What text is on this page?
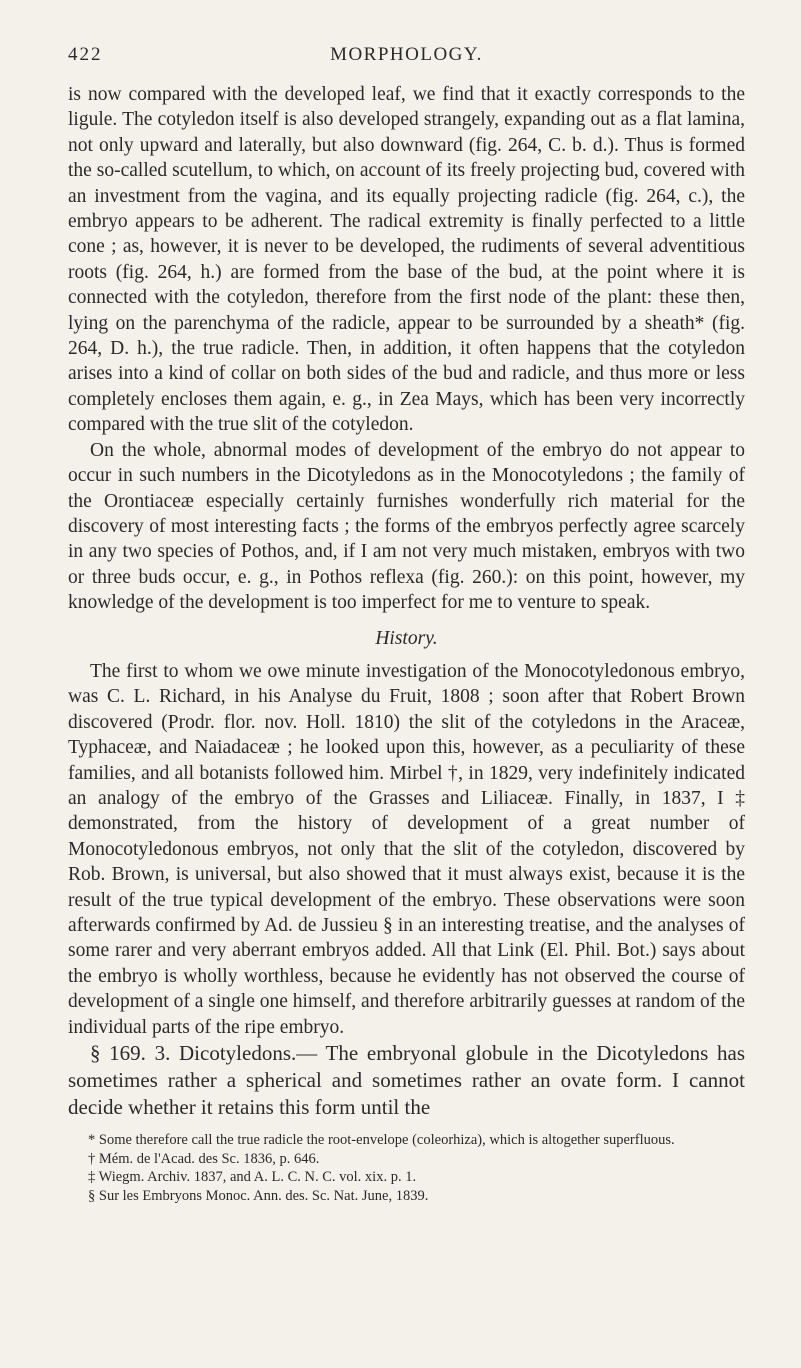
422	MORPHOLOGY.

is now compared with the developed leaf, we find that it exactly corresponds to the ligule. The cotyledon itself is also developed strangely, expanding out as a flat lamina, not only upward and laterally, but also downward (fig. 264, C. b. d.). Thus is formed the so-called scutellum, to which, on account of its freely projecting bud, covered with an investment from the vagina, and its equally projecting radicle (fig. 264, c.), the embryo appears to be adherent. The radical extremity is finally perfected to a little cone ; as, however, it is never to be developed, the rudiments of several adventitious roots (fig. 264, h.) are formed from the base of the bud, at the point where it is connected with the cotyledon, therefore from the first node of the plant: these then, lying on the parenchyma of the radicle, appear to be surrounded by a sheath* (fig. 264, D. h.), the true radicle. Then, in addition, it often happens that the cotyledon arises into a kind of collar on both sides of the bud and radicle, and thus more or less completely encloses them again, e. g., in Zea Mays, which has been very incorrectly compared with the true slit of the cotyledon.

On the whole, abnormal modes of development of the embryo do not appear to occur in such numbers in the Dicotyledons as in the Monocotyledons ; the family of the Orontiaceæ especially certainly furnishes wonderfully rich material for the discovery of most interesting facts ; the forms of the embryos perfectly agree scarcely in any two species of Pothos, and, if I am not very much mistaken, embryos with two or three buds occur, e. g., in Pothos reflexa (fig. 260.): on this point, however, my knowledge of the development is too imperfect for me to venture to speak.

History.

The first to whom we owe minute investigation of the Monocotyledonous embryo, was C. L. Richard, in his Analyse du Fruit, 1808 ; soon after that Robert Brown discovered (Prodr. flor. nov. Holl. 1810) the slit of the cotyledons in the Araceæ, Typhaceæ, and Naiadaceæ ; he looked upon this, however, as a peculiarity of these families, and all botanists followed him. Mirbel †, in 1829, very indefinitely indicated an analogy of the embryo of the Grasses and Liliaceæ. Finally, in 1837, I ‡ demonstrated, from the history of development of a great number of Monocotyledonous embryos, not only that the slit of the cotyledon, discovered by Rob. Brown, is universal, but also showed that it must always exist, because it is the result of the true typical development of the embryo. These observations were soon afterwards confirmed by Ad. de Jussieu § in an interesting treatise, and the analyses of some rarer and very aberrant embryos added. All that Link (El. Phil. Bot.) says about the embryo is wholly worthless, because he evidently has not observed the course of development of a single one himself, and therefore arbitrarily guesses at random of the individual parts of the ripe embryo.

§ 169. 3. Dicotyledons.— The embryonal globule in the Dicotyledons has sometimes rather a spherical and sometimes rather an ovate form. I cannot decide whether it retains this form until the

* Some therefore call the true radicle the root-envelope (coleorhiza), which is altogether superfluous.

† Mém. de l'Acad. des Sc. 1836, p. 646.

‡ Wiegm. Archiv. 1837, and A. L. C. N. C. vol. xix. p. 1.

§ Sur les Embryons Monoc. Ann. des. Sc. Nat. June, 1839.
